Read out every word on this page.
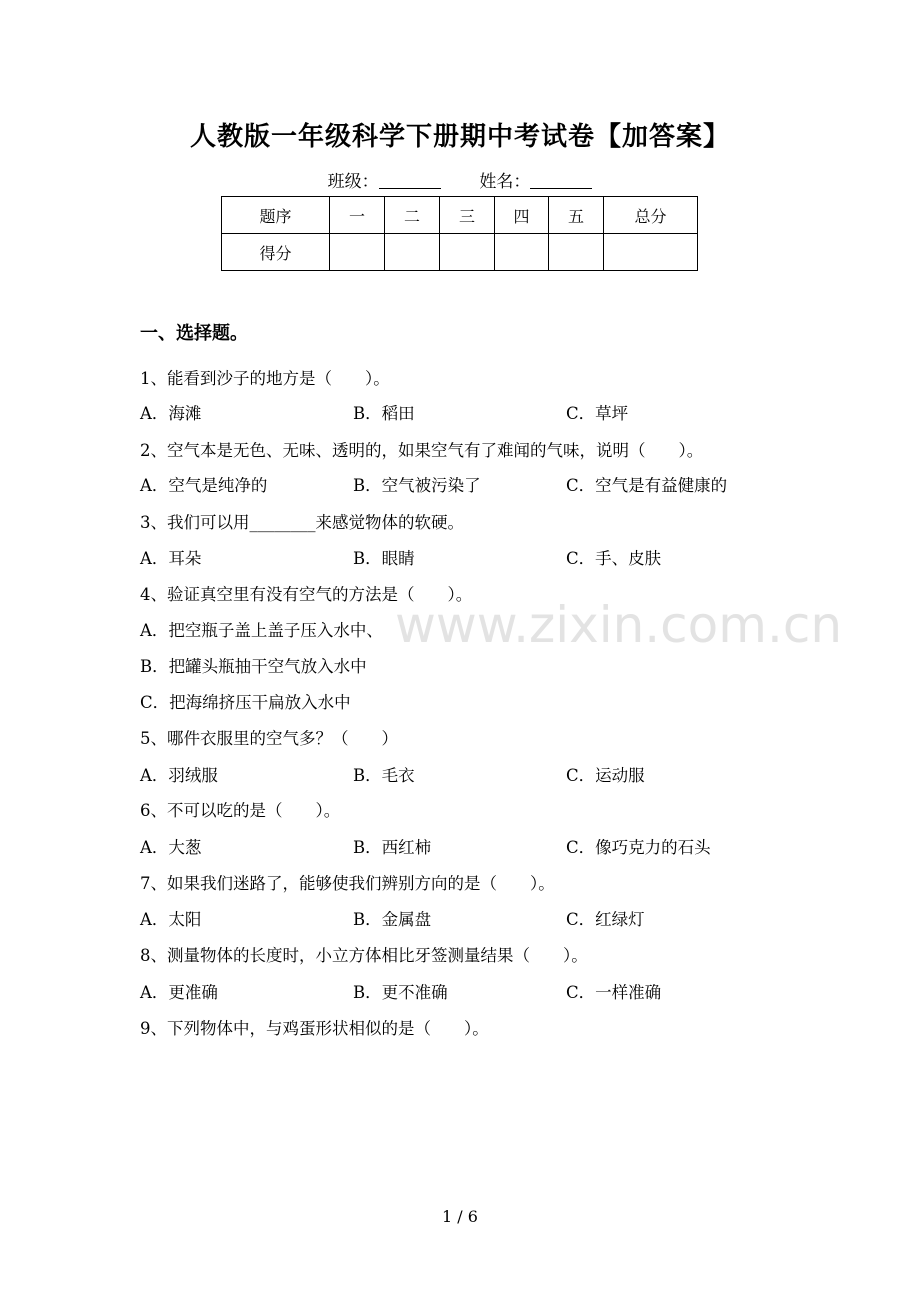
人教版一年级科学下册期中考试卷【加答案】
班级：	姓名：
题序	一	二	三	四	五	总分
得分						
一、选择题。
www.zixin.com.cn
1、能看到沙子的地方是（　　）。
A．海滩	B．稻田	C．草坪
2、空气本是无色、无味、透明的，如果空气有了难闻的气味，说明（　　）。
A．空气是纯净的	B．空气被污染了	C．空气是有益健康的
3、我们可以用________来感觉物体的软硬。
A．耳朵	B．眼睛	C．手、皮肤
4、验证真空里有没有空气的方法是（　　）。
A．把空瓶子盖上盖子压入水中、
B．把罐头瓶抽干空气放入水中
C．把海绵挤压干扁放入水中
5、哪件衣服里的空气多？（　　）
A．羽绒服	B．毛衣	C．运动服
6、不可以吃的是（　　）。
A．大葱	B．西红柿	C．像巧克力的石头
7、如果我们迷路了，能够使我们辨别方向的是（　　）。
A．太阳	B．金属盘	C．红绿灯
8、测量物体的长度时，小立方体相比牙签测量结果（　　）。
A．更准确	B．更不准确	C．一样准确
9、下列物体中，与鸡蛋形状相似的是（　　）。
1 / 6
